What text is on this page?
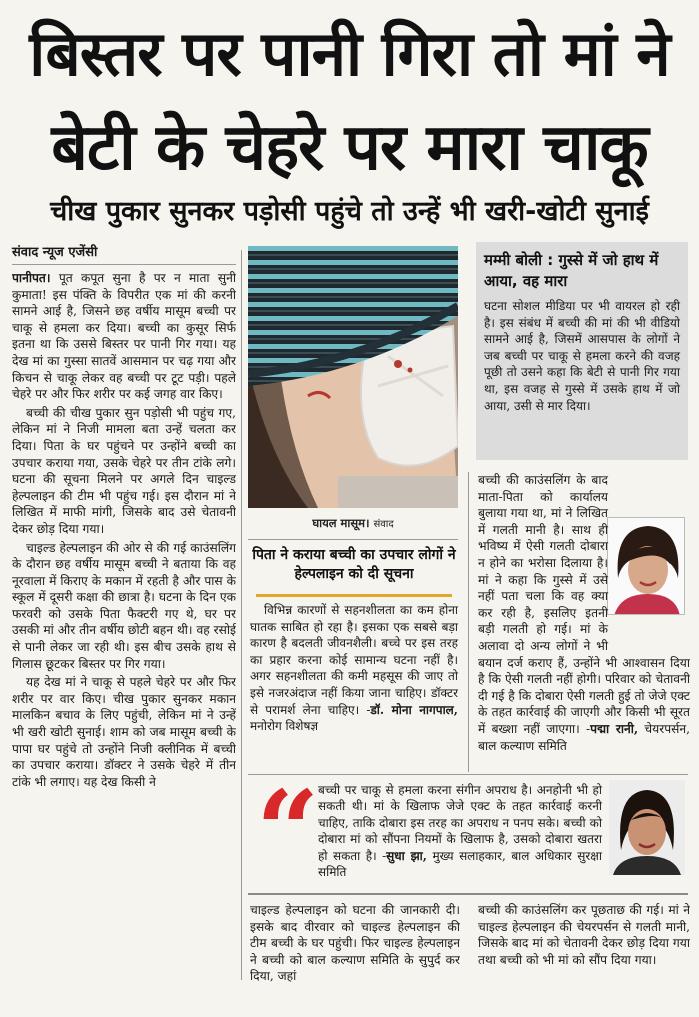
बिस्तर पर पानी गिरा तो मां ने
बेटी के चेहरे पर मारा चाकू
चीख पुकार सुनकर पड़ोसी पहुंचे तो उन्हें भी खरी-खोटी सुनाई
संवाद न्यूज एजेंसी

पानीपत। पूत कपूत सुना है पर न माता सुनी कुमाता! इस पंक्ति के विपरीत एक मां की करनी सामने आई है, जिसने छह वर्षीय मासूम बच्ची पर चाकू से हमला कर दिया। बच्ची का कुसूर सिर्फ इतना था कि उससे बिस्तर पर पानी गिर गया। यह देख मां का गुस्सा सातवें आसमान पर चढ़ गया और किचन से चाकू लेकर वह बच्ची पर टूट पड़ी। पहले चेहरे पर और फिर शरीर पर कई जगह वार किए।

बच्ची की चीख पुकार सुन पड़ोसी भी पहुंच गए, लेकिन मां ने निजी मामला बता उन्हें चलता कर दिया। पिता के घर पहुंचने पर उन्होंने बच्ची का उपचार कराया गया, उसके चेहरे पर तीन टांके लगे। घटना की सूचना मिलने पर अगले दिन चाइल्ड हेल्पलाइन की टीम भी पहुंच गई। इस दौरान मां ने लिखित में माफी मांगी, जिसके बाद उसे चेतावनी देकर छोड़ दिया गया।

चाइल्ड हेल्पलाइन की ओर से की गई काउंसलिंग के दौरान छह वर्षीय मासूम बच्ची ने बताया कि वह नूरवाला में किराए के मकान में रहती है और पास के स्कूल में दूसरी कक्षा की छात्रा है। घटना के दिन एक फरवरी को उसके पिता फैक्टरी गए थे, घर पर उसकी मां और तीन वर्षीय छोटी बहन थी। वह रसोई से पानी लेकर जा रही थी। इस बीच उसके हाथ से गिलास छूटकर बिस्तर पर गिर गया।

यह देख मां ने चाकू से पहले चेहरे पर और फिर शरीर पर वार किए। चीख पुकार सुनकर मकान मालकिन बचाव के लिए पहुंची, लेकिन मां ने उन्हें भी खरी खोटी सुनाई। शाम को जब मासूम बच्ची के पापा घर पहुंचे तो उन्होंने निजी क्लीनिक में बच्ची का उपचार कराया। डॉक्टर ने उसके चेहरे में तीन टांके भी लगाए। यह देख किसी ने

घायल मासूम। संवाद
पिता ने कराया बच्ची का उपचार लोगों ने हेल्पलाइन को दी सूचना

विभिन्न कारणों से सहनशीलता का कम होना घातक साबित हो रहा है। इसका एक सबसे बड़ा कारण है बदलती जीवनशैली। बच्चे पर इस तरह का प्रहार करना कोई सामान्य घटना नहीं है। अगर सहनशीलता की कमी महसूस की जाए तो इसे नजरअंदाज नहीं किया जाना चाहिए। डॉक्टर से परामर्श लेना चाहिए। -डॉ. मोना नागपाल, मनोरोग विशेषज्ञ

मम्मी बोली : गुस्से में जो हाथ में आया, वह मारा
घटना सोशल मीडिया पर भी वायरल हो रही है। इस संबंध में बच्ची की मां की भी वीडियो सामने आई है, जिसमें आसपास के लोगों ने जब बच्ची पर चाकू से हमला करने की वजह पूछी तो उसने कहा कि बेटी से पानी गिर गया था, इस वजह से गुस्से में उसके हाथ में जो आया, उसी से मार दिया।

बच्ची की काउंसलिंग के बाद माता-पिता को कार्यालय बुलाया गया था, मां ने लिखित में गलती मानी है। साथ ही भविष्य में ऐसी गलती दोबारा न होने का भरोसा दिलाया है। मां ने कहा कि गुस्से में उसे नहीं पता चला कि वह क्या कर रही है, इसलिए इतनी बड़ी गलती हो गई। मां के अलावा दो अन्य लोगों ने भी बयान दर्ज कराए हैं, उन्होंने भी आश्वासन दिया है कि ऐसी गलती नहीं होगी। परिवार को चेतावनी दी गई है कि दोबारा ऐसी गलती हुई तो जेजे एक्ट के तहत कार्रवाई की जाएगी और किसी भी सूरत में बख्शा नहीं जाएगा। -पद्मा रानी, चेयरपर्सन, बाल कल्याण समिति

“
बच्ची पर चाकू से हमला करना संगीन अपराध है। अनहोनी भी हो सकती थी। मां के खिलाफ जेजे एक्ट के तहत कार्रवाई करनी चाहिए, ताकि दोबारा इस तरह का अपराध न पनप सके। बच्ची को दोबारा मां को सौंपना नियमों के खिलाफ है, उसको दोबारा खतरा हो सकता है। -सुधा झा, मुख्य सलाहकार, बाल अधिकार सुरक्षा समिति

चाइल्ड हेल्पलाइन को घटना की जानकारी दी। इसके बाद वीरवार को चाइल्ड हेल्पलाइन की टीम बच्ची के घर पहुंची। फिर चाइल्ड हेल्पलाइन ने बच्ची को बाल कल्याण समिति के सुपुर्द कर दिया, जहां

बच्ची की काउंसलिंग कर पूछताछ की गई। मां ने चाइल्ड हेल्पलाइन की चेयरपर्सन से गलती मानी, जिसके बाद मां को चेतावनी देकर छोड़ दिया गया तथा बच्ची को भी मां को सौंप दिया गया।
